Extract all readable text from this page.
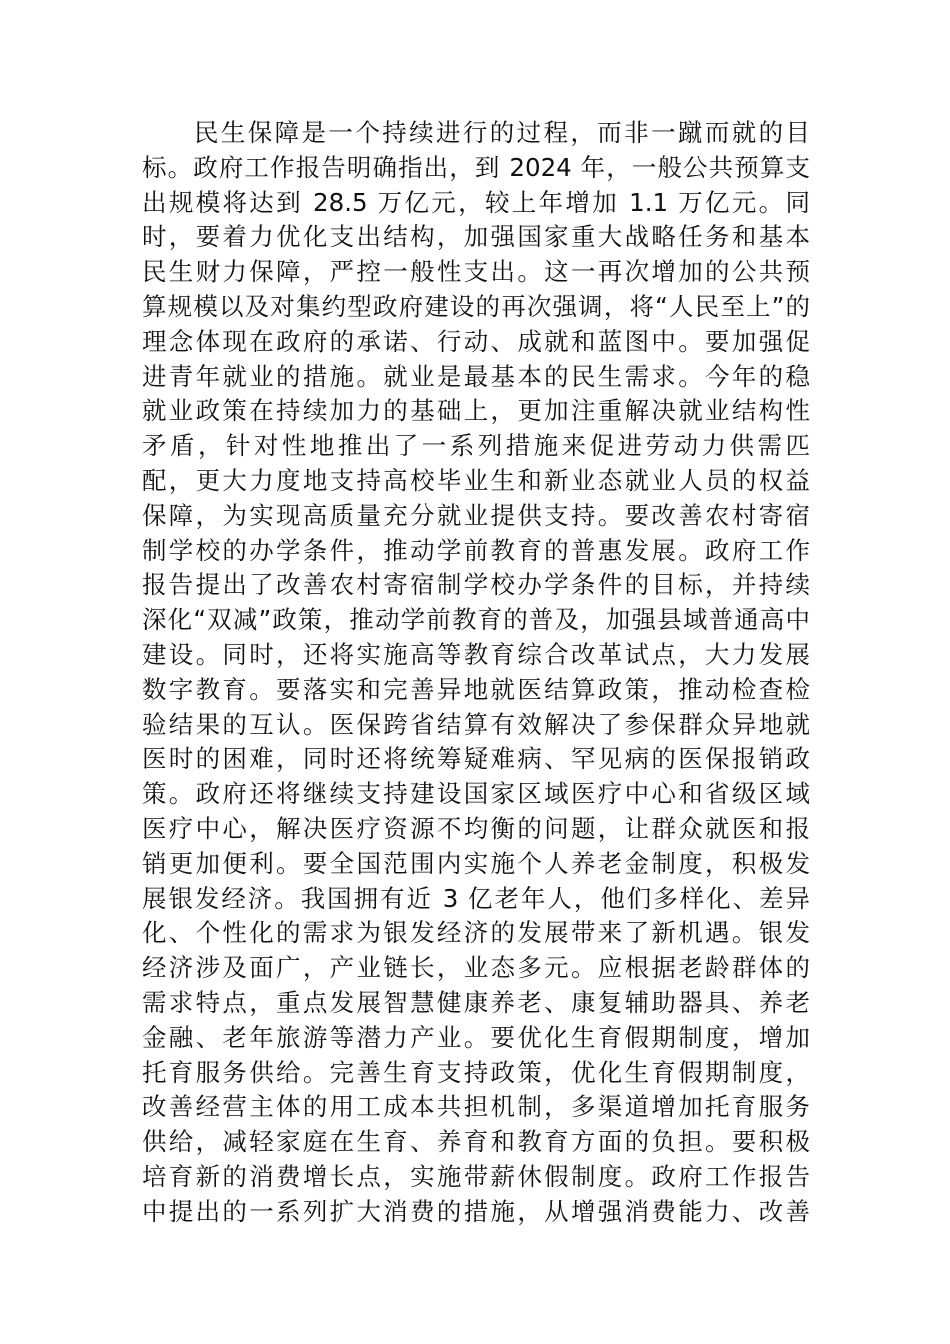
民生保障是一个持续进行的过程，而非一蹴而就的目
标。政府工作报告明确指出，到 2024 年，一般公共预算支
出规模将达到 28.5 万亿元，较上年增加 1.1 万亿元。同
时，要着力优化支出结构，加强国家重大战略任务和基本
民生财力保障，严控一般性支出。这一再次增加的公共预
算规模以及对集约型政府建设的再次强调，将“人民至上”的
理念体现在政府的承诺、行动、成就和蓝图中。要加强促
进青年就业的措施。就业是最基本的民生需求。今年的稳
就业政策在持续加力的基础上，更加注重解决就业结构性
矛盾，针对性地推出了一系列措施来促进劳动力供需匹
配，更大力度地支持高校毕业生和新业态就业人员的权益
保障，为实现高质量充分就业提供支持。要改善农村寄宿
制学校的办学条件，推动学前教育的普惠发展。政府工作
报告提出了改善农村寄宿制学校办学条件的目标，并持续
深化“双减”政策，推动学前教育的普及，加强县域普通高中
建设。同时，还将实施高等教育综合改革试点，大力发展
数字教育。要落实和完善异地就医结算政策，推动检查检
验结果的互认。医保跨省结算有效解决了参保群众异地就
医时的困难，同时还将统筹疑难病、罕见病的医保报销政
策。政府还将继续支持建设国家区域医疗中心和省级区域
医疗中心，解决医疗资源不均衡的问题，让群众就医和报
销更加便利。要全国范围内实施个人养老金制度，积极发
展银发经济。我国拥有近 3 亿老年人，他们多样化、差异
化、个性化的需求为银发经济的发展带来了新机遇。银发
经济涉及面广，产业链长，业态多元。应根据老龄群体的
需求特点，重点发展智慧健康养老、康复辅助器具、养老
金融、老年旅游等潜力产业。要优化生育假期制度，增加
托育服务供给。完善生育支持政策，优化生育假期制度，
改善经营主体的用工成本共担机制，多渠道增加托育服务
供给，减轻家庭在生育、养育和教育方面的负担。要积极
培育新的消费增长点，实施带薪休假制度。政府工作报告
中提出的一系列扩大消费的措施，从增强消费能力、改善
